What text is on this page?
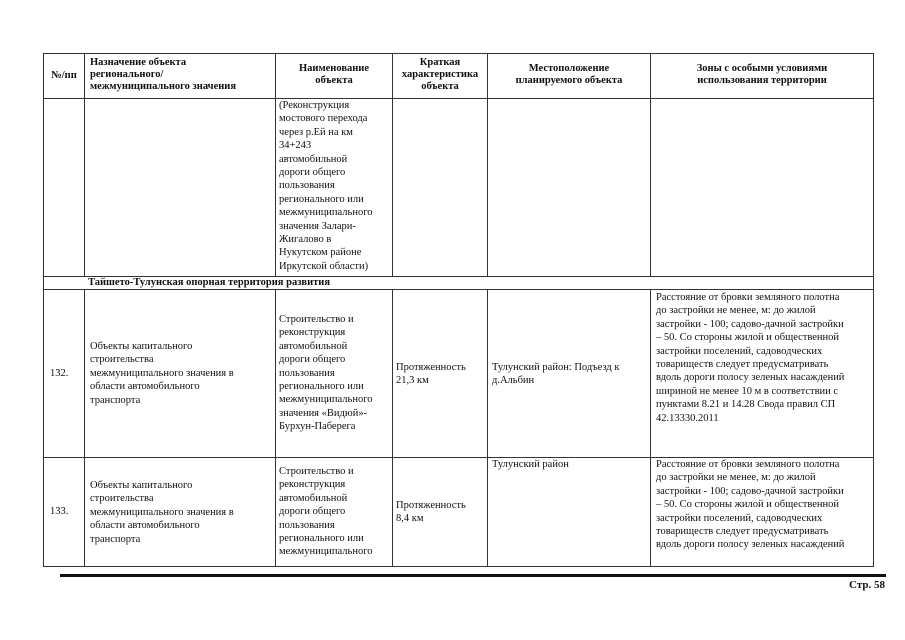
№/пп
Назначение объекта
регионального/
межмуниципального значения
Наименование
объекта
Краткая
характеристика
объекта
Местоположение
планируемого объекта
Зоны с особыми условиями
использования территории
(Реконструкция
мостового перехода
через р.Ей на км
34+243
автомобильной
дороги общего
пользования
регионального или
межмуниципального
значения Залари-
Жигалово в
Нукутском районе
Иркутской области)
Тайшето-Тулунская опорная территория развития
132.
Объекты капитального
строительства
межмуниципального значения в
области автомобильного
транспорта
Строительство и
реконструкция
автомобильной
дороги общего
пользования
регионального или
межмуниципального
значения «Видюй»-
Бурхун-Паберега
Протяженность
21,3 км
Тулунский район: Подъезд к
д.Альбин
Расстояние от бровки земляного полотна
до застройки не менее, м: до жилой
застройки - 100; садово-дачной застройки
– 50. Со стороны жилой и общественной
застройки поселений, садоводческих
товариществ следует предусматривать
вдоль дороги полосу зеленых насаждений
шириной не менее 10 м в соответствии с
пунктами 8.21 и 14.28 Свода правил СП
42.13330.2011
133.
Объекты капитального
строительства
межмуниципального значения в
области автомобильного
транспорта
Строительство и
реконструкция
автомобильной
дороги общего
пользования
регионального или
межмуниципального
Протяженность
8,4 км
Тулунский район	Расстояние от бровки земляного полотна
до застройки не менее, м: до жилой
застройки - 100; садово-дачной застройки
– 50. Со стороны жилой и общественной
застройки поселений, садоводческих
товариществ следует предусматривать
вдоль дороги полосу зеленых насаждений
Стр. 58
